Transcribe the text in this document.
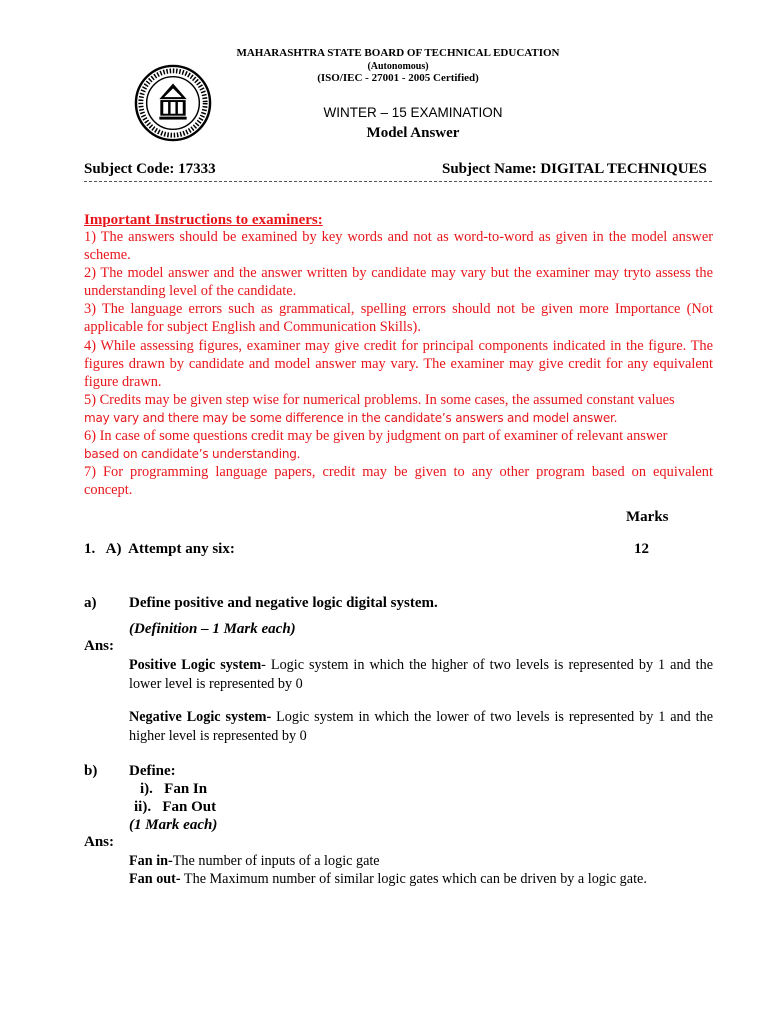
MAHARASHTRA STATE BOARD OF TECHNICAL EDUCATION
(Autonomous)
(ISO/IEC - 27001 - 2005 Certified)
WINTER – 15 EXAMINATION
Model Answer
Subject Code: 17333	Subject Name: DIGITAL TECHNIQUES
Important Instructions to examiners:

1) The answers should be examined by key words and not as word-to-word as given in the model answer scheme.

2) The model answer and the answer written by candidate may vary but the examiner may tryto assess the understanding level of the candidate.

3) The language errors such as grammatical, spelling errors should not be given more Importance (Not applicable for subject English and Communication Skills).

4) While assessing figures, examiner may give credit for principal components indicated in the figure. The figures drawn by candidate and model answer may vary. The examiner may give credit for any equivalent figure drawn.

5) Credits may be given step wise for numerical problems. In some cases, the assumed constant values

may vary and there may be some difference in the candidate’s answers and model answer.

6) In case of some questions credit may be given by judgment on part of examiner of relevant answer

based on candidate’s understanding.

7) For programming language papers, credit may be given to any other program based on equivalent concept.

Marks
1.   A)  Attempt any six:	12
a) Define positive and negative logic digital system.
(Definition – 1 Mark each)
Ans:
Positive Logic system- Logic system in which the higher of two levels is represented by 1 and the lower level is represented by 0
Negative Logic system- Logic system in which the lower of two levels is represented by 1 and the higher level is represented by 0
b) Define:
i).   Fan In
ii).   Fan Out
(1 Mark each)
Ans:
Fan in-The number of inputs of a logic gate
Fan out- The Maximum number of similar logic gates which can be driven by a logic gate.
